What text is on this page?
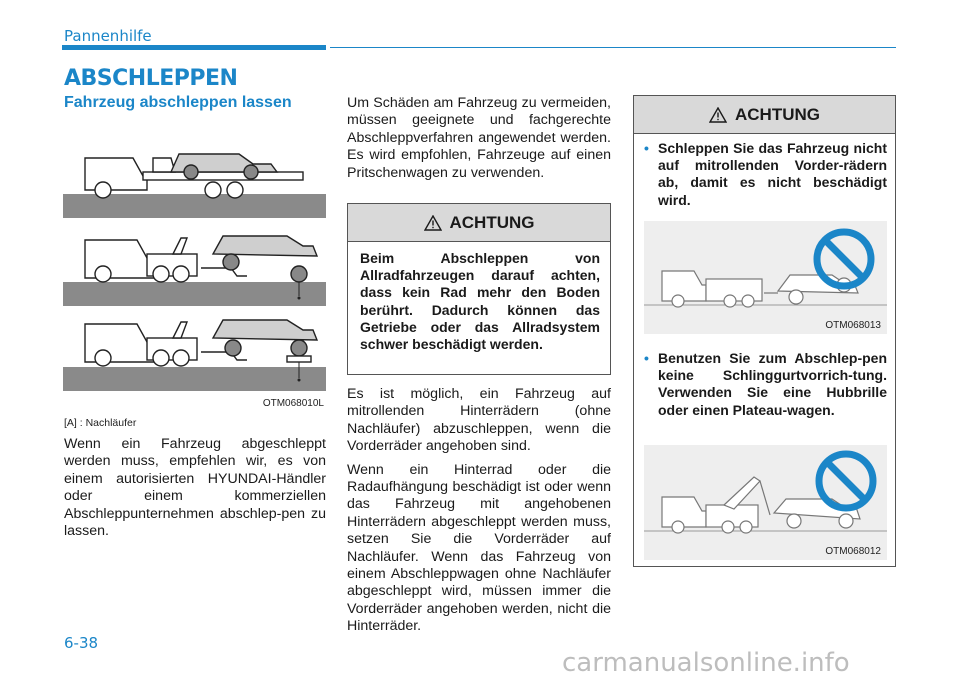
Pannenhilfe
ABSCHLEPPEN
Fahrzeug abschleppen lassen
OTM068010L
[A] : Nachläufer
Wenn ein Fahrzeug abgeschleppt werden muss, empfehlen wir, es von einem autorisierten HYUNDAI-Händler oder einem kommerziellen Abschleppunternehmen abschlep-pen zu lassen.
Um Schäden am Fahrzeug zu vermeiden, müssen geeignete und fachgerechte Abschleppverfahren angewendet werden. Es wird empfohlen, Fahrzeuge auf einen Pritschenwagen zu verwenden.
ACHTUNG
Beim Abschleppen von Allradfahrzeugen darauf achten, dass kein Rad mehr den Boden berührt. Dadurch können das Getriebe oder das Allradsystem schwer beschädigt werden.

Es ist möglich, ein Fahrzeug auf mitrollenden Hinterrädern (ohne Nachläufer) abzuschleppen, wenn die Vorderräder angehoben sind.

Wenn ein Hinterrad oder die Radaufhängung beschädigt ist oder wenn das Fahrzeug mit angehobenen Hinterrädern abgeschleppt werden muss, setzen Sie die Vorderräder auf Nachläufer. Wenn das Fahrzeug von einem Abschleppwagen ohne Nachläufer abgeschleppt wird, müssen immer die Vorderräder angehoben werden, nicht die Hinterräder.

ACHTUNG
• Schleppen Sie das Fahrzeug nicht auf mitrollenden Vorder-rädern ab, damit es nicht beschädigt wird.
OTM068013
• Benutzen Sie zum Abschlep-pen keine Schlinggurtvorrich-tung. Verwenden Sie eine Hubbrille oder einen Plateau-wagen.
OTM068012
6-38
carmanualsonline.info
